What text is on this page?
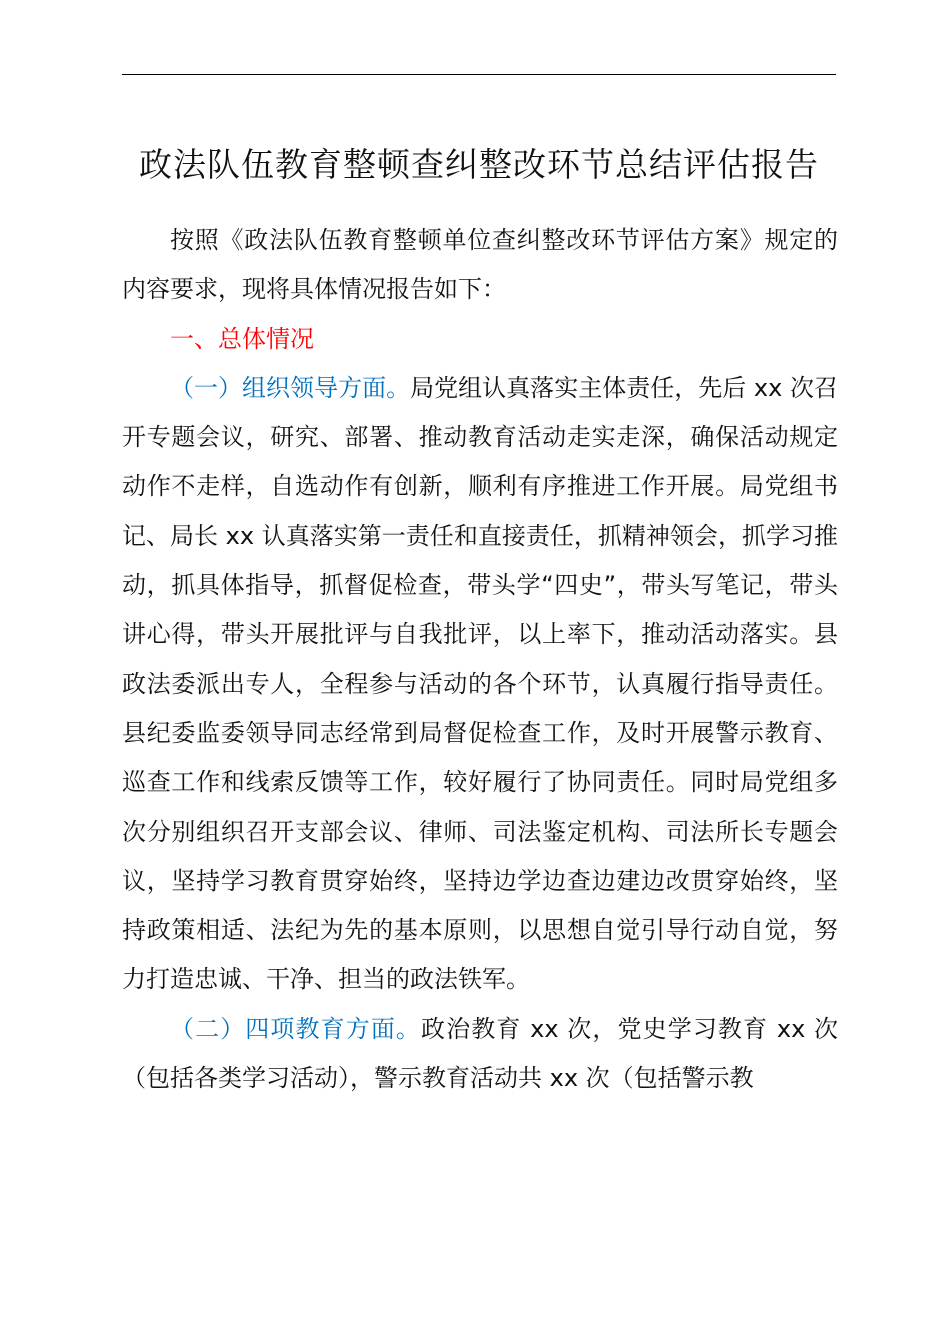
政法队伍教育整顿查纠整改环节总结评估报告

按照《政法队伍教育整顿单位查纠整改环节评估方案》规定的内容要求，现将具体情况报告如下：

一、总体情况

（一）组织领导方面。局党组认真落实主体责任，先后 xx 次召开专题会议，研究、部署、推动教育活动走实走深，确保活动规定动作不走样，自选动作有创新，顺利有序推进工作开展。局党组书记、局长 xx 认真落实第一责任和直接责任，抓精神领会，抓学习推动，抓具体指导，抓督促检查，带头学“四史”，带头写笔记，带头讲心得，带头开展批评与自我批评，以上率下，推动活动落实。县政法委派出专人，全程参与活动的各个环节，认真履行指导责任。县纪委监委领导同志经常到局督促检查工作，及时开展警示教育、巡查工作和线索反馈等工作，较好履行了协同责任。同时局党组多次分别组织召开支部会议、律师、司法鉴定机构、司法所长专题会议，坚持学习教育贯穿始终，坚持边学边查边建边改贯穿始终，坚持政策相适、法纪为先的基本原则，以思想自觉引导行动自觉，努力打造忠诚、干净、担当的政法铁军。

（二）四项教育方面。政治教育 xx 次，党史学习教育 xx 次（包括各类学习活动），警示教育活动共 xx 次（包括警示教
